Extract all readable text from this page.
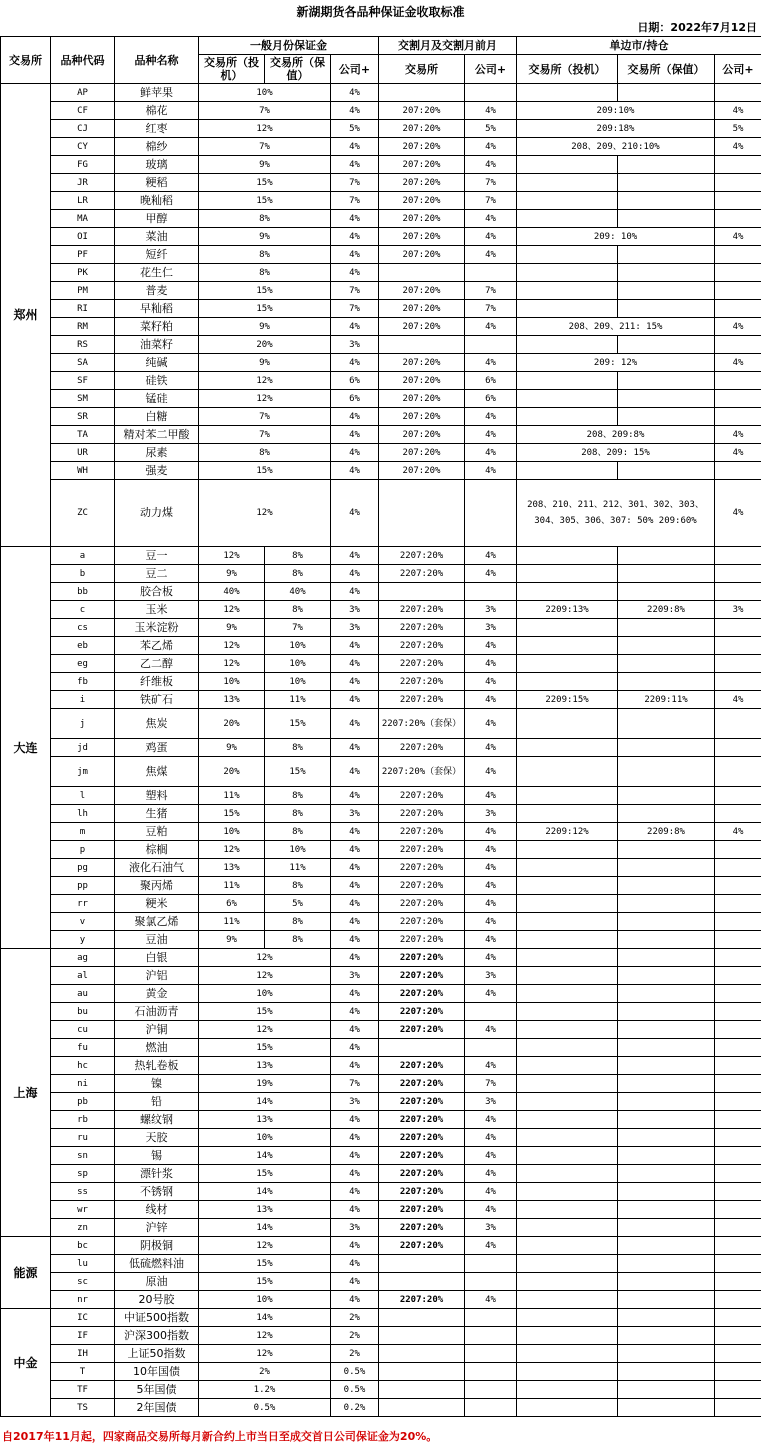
新湖期货各品种保证金收取标准
日期：2022年7月12日
交易所	品种代码	品种名称	一般月份保证金			交割月及交割月前月		单边市/持仓		
			交易所（投机）	交易所（保值）	公司+	交易所	公司+	交易所（投机）	交易所（保值）	公司+
郑州	AP	鲜苹果	10%		4%					
	CF	棉花	7%		4%	207:20%	4%	209:10%		4%
	CJ	红枣	12%		5%	207:20%	5%	209:18%		5%
	CY	棉纱	7%		4%	207:20%	4%	208、209、210:10%		4%
	FG	玻璃	9%		4%	207:20%	4%			
	JR	粳稻	15%		7%	207:20%	7%			
	LR	晚籼稻	15%		7%	207:20%	7%			
	MA	甲醇	8%		4%	207:20%	4%			
	OI	菜油	9%		4%	207:20%	4%	209: 10%		4%
	PF	短纤	8%		4%	207:20%	4%			
	PK	花生仁	8%		4%					
	PM	普麦	15%		7%	207:20%	7%			
	RI	早籼稻	15%		7%	207:20%	7%			
	RM	菜籽粕	9%		4%	207:20%	4%	208、209、211: 15%		4%
	RS	油菜籽	20%		3%					
	SA	纯碱	9%		4%	207:20%	4%	209: 12%		4%
	SF	硅铁	12%		6%	207:20%	6%			
	SM	锰硅	12%		6%	207:20%	6%			
	SR	白糖	7%		4%	207:20%	4%			
	TA	精对苯二甲酸	7%		4%	207:20%	4%	208、209:8%		4%
	UR	尿素	8%		4%	207:20%	4%	208、209: 15%		4%
	WH	强麦	15%		4%	207:20%	4%			
	ZC	动力煤	12%		4%			208、210、211、212、301、302、303、304、305、306、307: 50% 209:60%		4%
大连	a	豆一	12%	8%	4%	2207:20%	4%			
	b	豆二	9%	8%	4%	2207:20%	4%			
	bb	胶合板	40%	40%	4%					
	c	玉米	12%	8%	3%	2207:20%	3%	2209:13%	2209:8%	3%
	cs	玉米淀粉	9%	7%	3%	2207:20%	3%			
	eb	苯乙烯	12%	10%	4%	2207:20%	4%			
	eg	乙二醇	12%	10%	4%	2207:20%	4%			
	fb	纤维板	10%	10%	4%	2207:20%	4%			
	i	铁矿石	13%	11%	4%	2207:20%	4%	2209:15%	2209:11%	4%
	j	焦炭	20%	15%	4%	2207:20%（套保）	4%			
	jd	鸡蛋	9%	8%	4%	2207:20%	4%			
	jm	焦煤	20%	15%	4%	2207:20%（套保）	4%			
	l	塑料	11%	8%	4%	2207:20%	4%			
	lh	生猪	15%	8%	3%	2207:20%	3%			
	m	豆粕	10%	8%	4%	2207:20%	4%	2209:12%	2209:8%	4%
	p	棕榈	12%	10%	4%	2207:20%	4%			
	pg	液化石油气	13%	11%	4%	2207:20%	4%			
	pp	聚丙烯	11%	8%	4%	2207:20%	4%			
	rr	粳米	6%	5%	4%	2207:20%	4%			
	v	聚氯乙烯	11%	8%	4%	2207:20%	4%			
	y	豆油	9%	8%	4%	2207:20%	4%			
上海	ag	白银	12%		4%	2207:20%	4%			
	al	沪铝	12%		3%	2207:20%	3%			
	au	黄金	10%		4%	2207:20%	4%			
	bu	石油沥青	15%		4%	2207:20%				
	cu	沪铜	12%		4%	2207:20%	4%			
	fu	燃油	15%		4%					
	hc	热轧卷板	13%		4%	2207:20%	4%			
	ni	镍	19%		7%	2207:20%	7%			
	pb	铅	14%		3%	2207:20%	3%			
	rb	螺纹钢	13%		4%	2207:20%	4%			
	ru	天胶	10%		4%	2207:20%	4%			
	sn	锡	14%		4%	2207:20%	4%			
	sp	漂针浆	15%		4%	2207:20%	4%			
	ss	不锈钢	14%		4%	2207:20%	4%			
	wr	线材	13%		4%	2207:20%	4%			
	zn	沪锌	14%		3%	2207:20%	3%			
能源	bc	阴极铜	12%		4%	2207:20%	4%			
	lu	低硫燃料油	15%		4%					
	sc	原油	15%		4%					
	nr	20号胶	10%		4%	2207:20%	4%			
中金	IC	中证500指数	14%		2%					
	IF	沪深300指数	12%		2%					
	IH	上证50指数	12%		2%					
	T	10年国债	2%		0.5%					
	TF	5年国债	1.2%		0.5%					
	TS	2年国债	0.5%		0.2%					
自2017年11月起，四家商品交易所每月新合约上市当日至成交首日公司保证金为20%。
